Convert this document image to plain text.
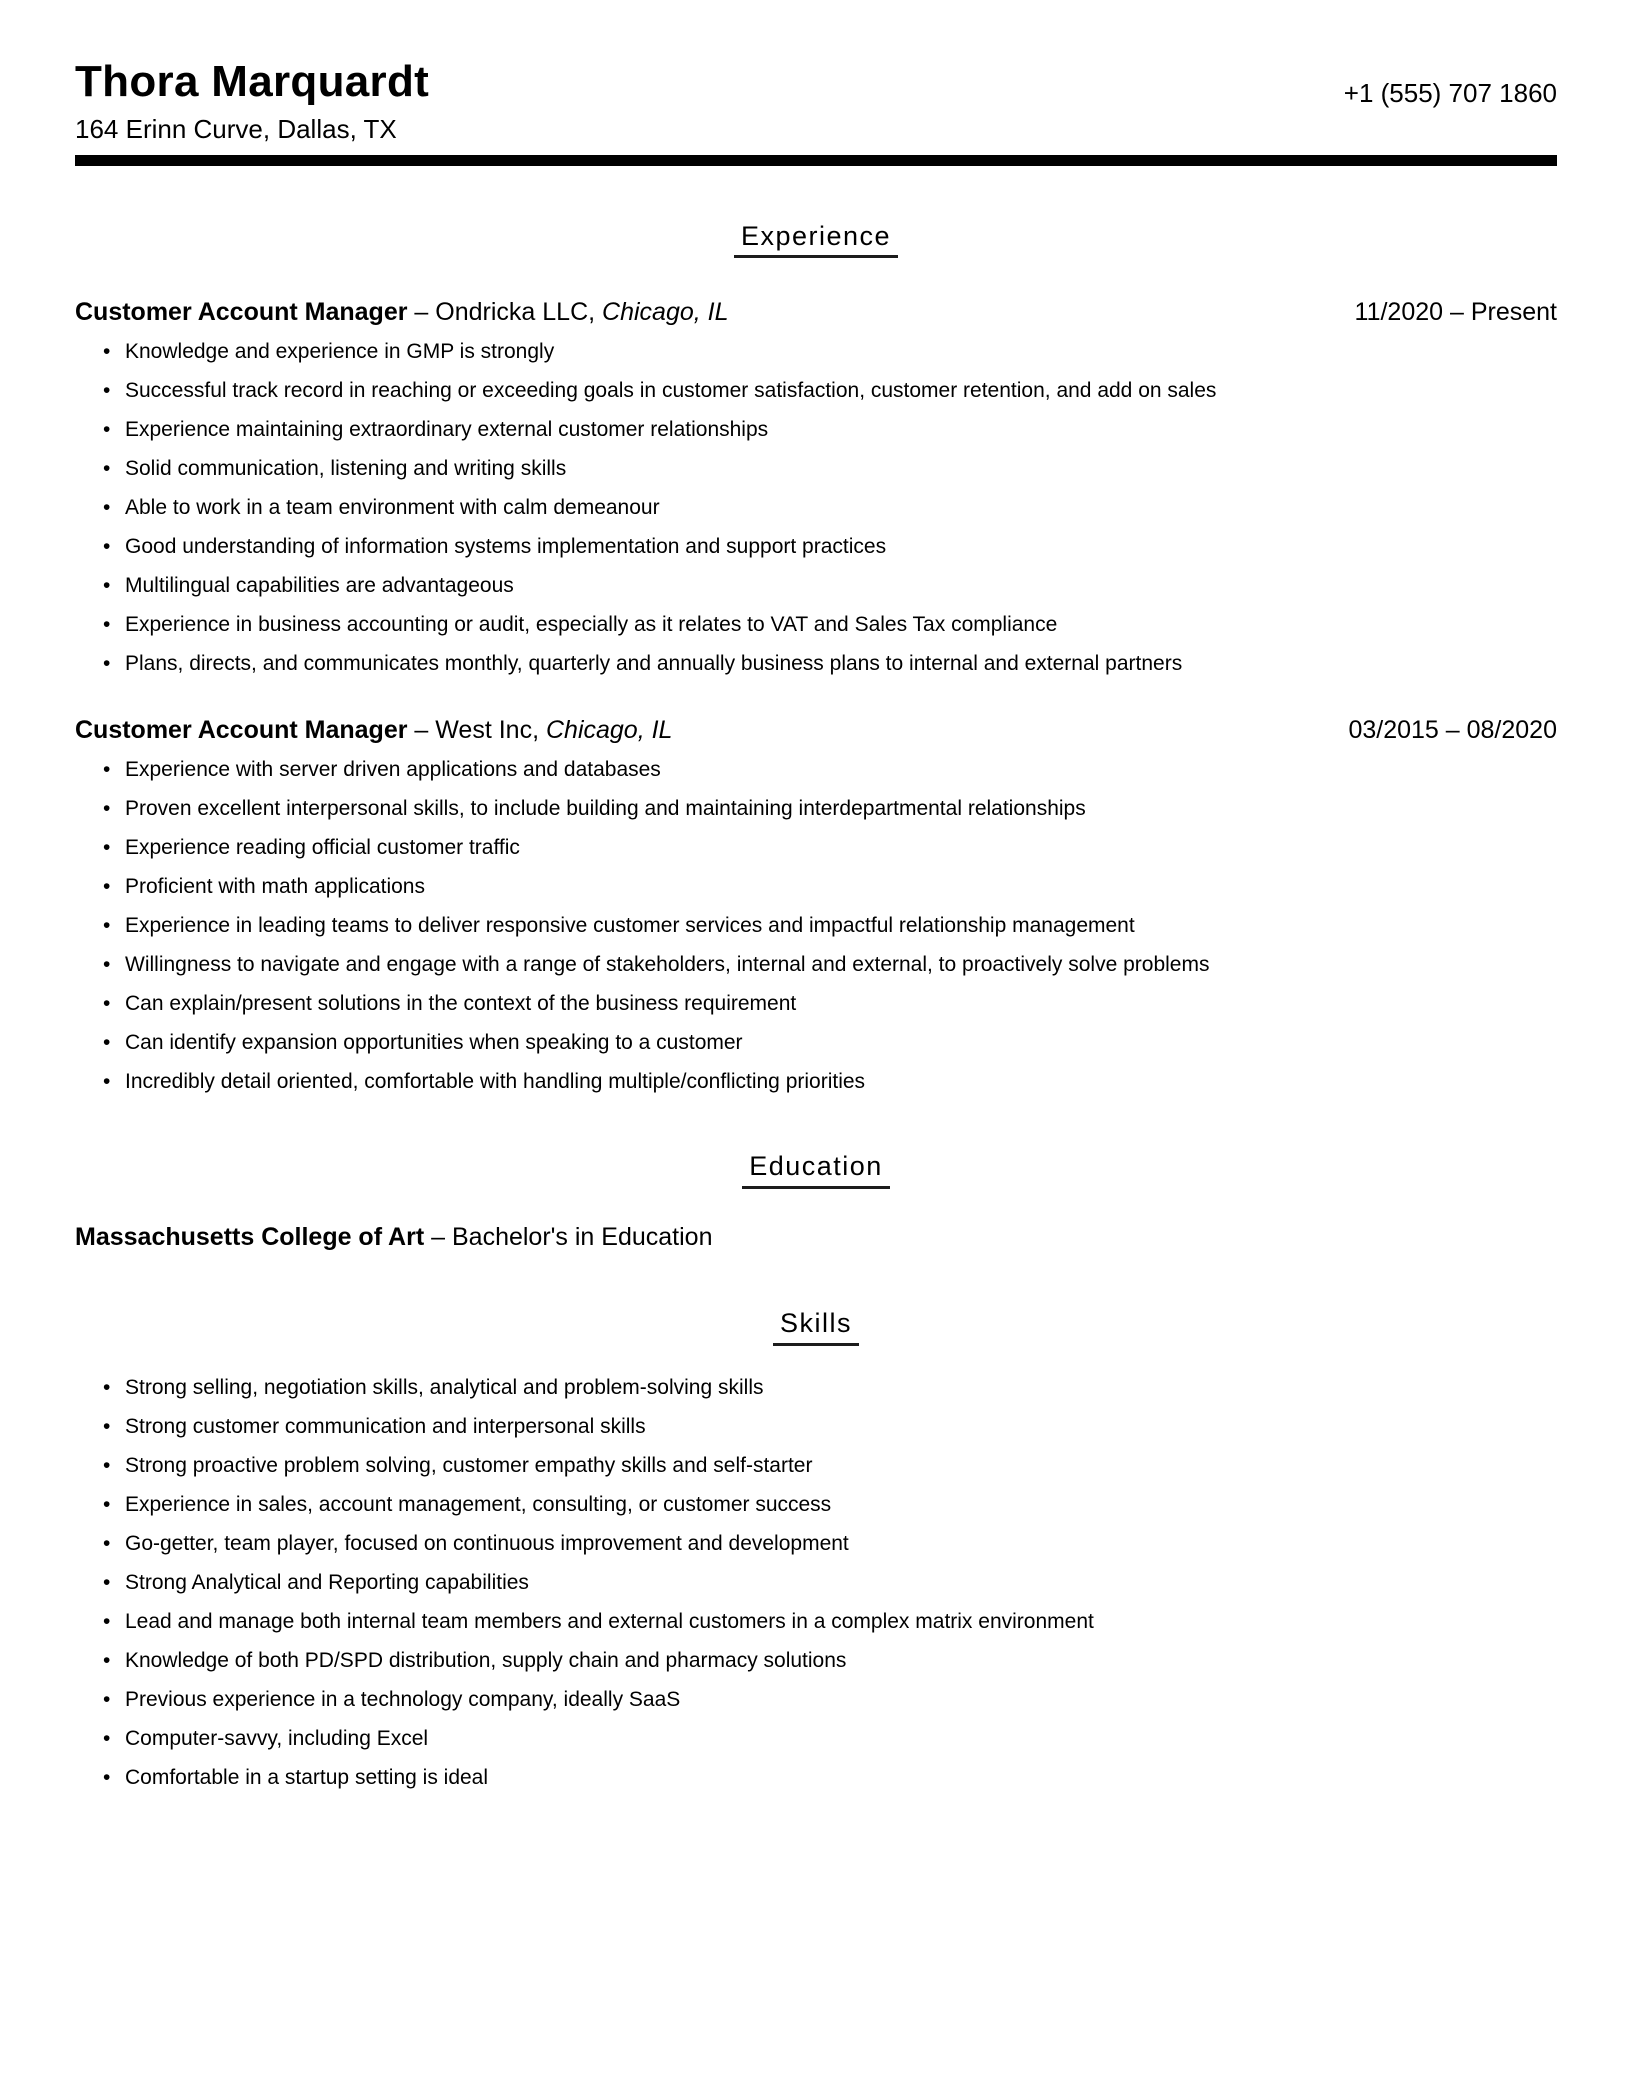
Thora Marquardt
164 Erinn Curve, Dallas, TX
+1 (555) 707 1860
Experience
Customer Account Manager – Ondricka LLC, Chicago, IL	11/2020 – Present
• Knowledge and experience in GMP is strongly
• Successful track record in reaching or exceeding goals in customer satisfaction, customer retention, and add on sales
• Experience maintaining extraordinary external customer relationships
• Solid communication, listening and writing skills
• Able to work in a team environment with calm demeanour
• Good understanding of information systems implementation and support practices
• Multilingual capabilities are advantageous
• Experience in business accounting or audit, especially as it relates to VAT and Sales Tax compliance
• Plans, directs, and communicates monthly, quarterly and annually business plans to internal and external partners
Customer Account Manager – West Inc, Chicago, IL	03/2015 – 08/2020
• Experience with server driven applications and databases
• Proven excellent interpersonal skills, to include building and maintaining interdepartmental relationships
• Experience reading official customer traffic
• Proficient with math applications
• Experience in leading teams to deliver responsive customer services and impactful relationship management
• Willingness to navigate and engage with a range of stakeholders, internal and external, to proactively solve problems
• Can explain/present solutions in the context of the business requirement
• Can identify expansion opportunities when speaking to a customer
• Incredibly detail oriented, comfortable with handling multiple/conflicting priorities
Education
Massachusetts College of Art – Bachelor's in Education
Skills
• Strong selling, negotiation skills, analytical and problem-solving skills
• Strong customer communication and interpersonal skills
• Strong proactive problem solving, customer empathy skills and self-starter
• Experience in sales, account management, consulting, or customer success
• Go-getter, team player, focused on continuous improvement and development
• Strong Analytical and Reporting capabilities
• Lead and manage both internal team members and external customers in a complex matrix environment
• Knowledge of both PD/SPD distribution, supply chain and pharmacy solutions
• Previous experience in a technology company, ideally SaaS
• Computer-savvy, including Excel
• Comfortable in a startup setting is ideal
